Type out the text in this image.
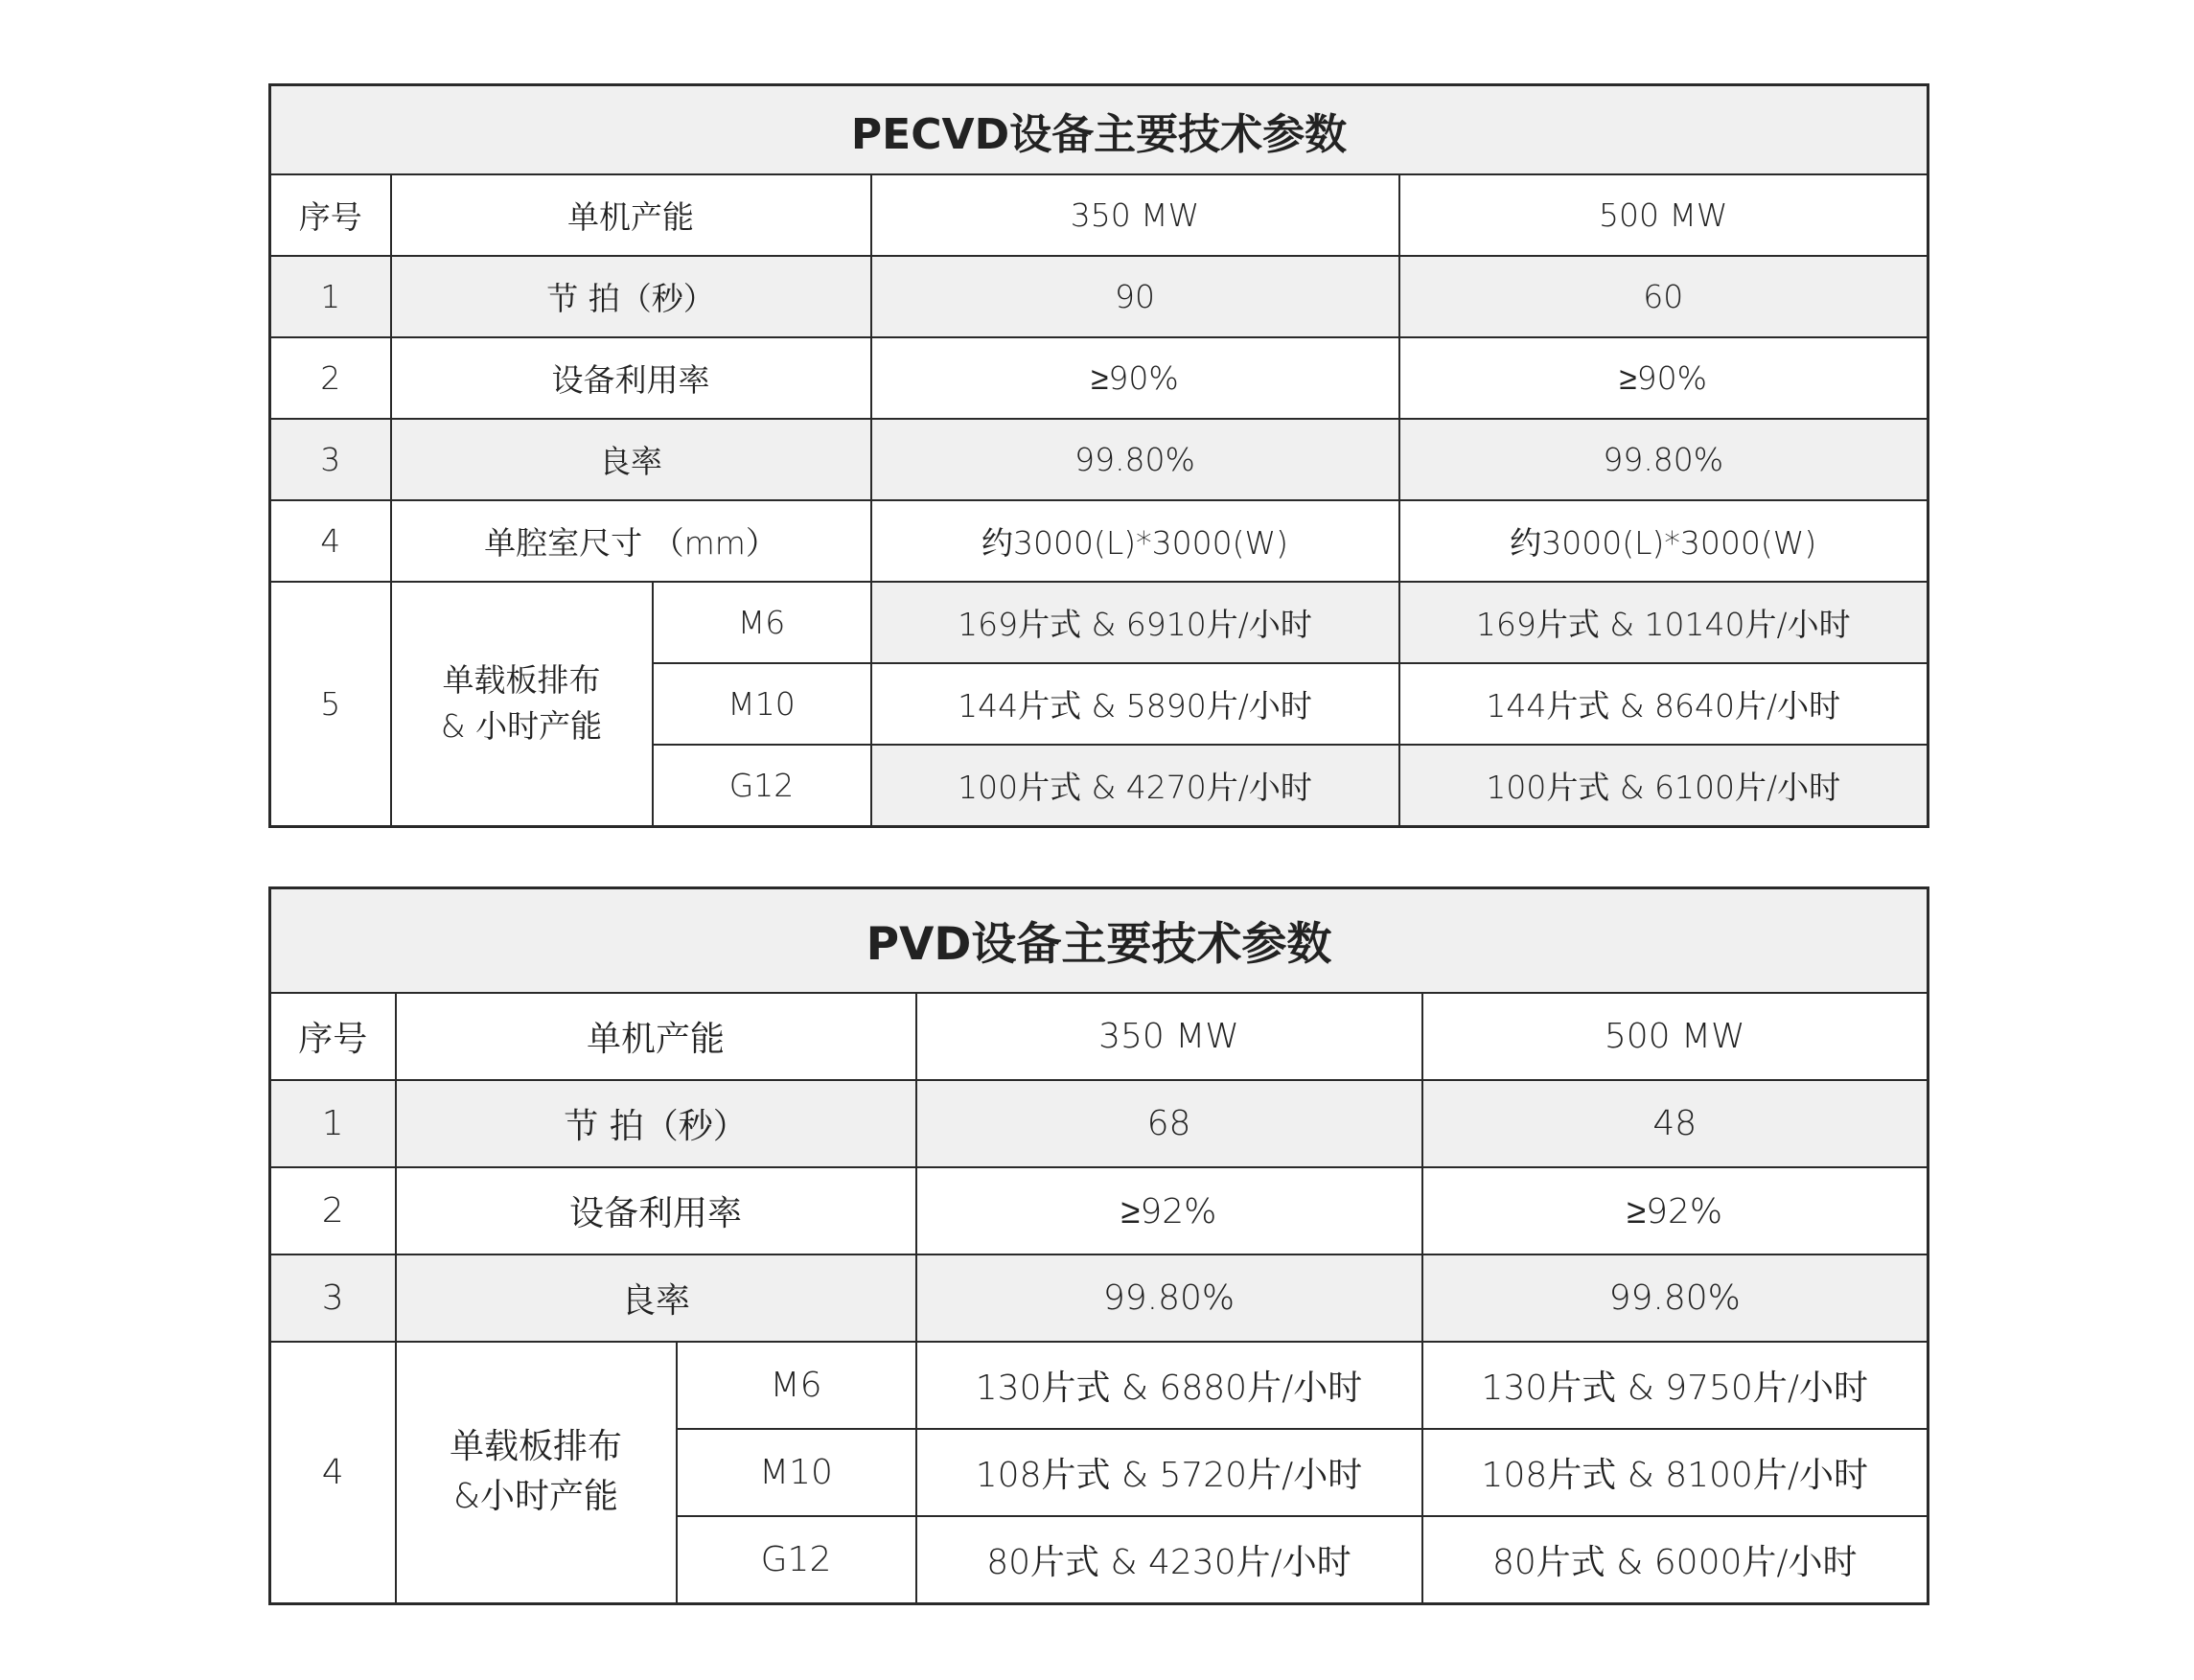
PECVD设备主要技术参数				
序号	单机产能		350 MW	500 MW
1	节 拍（秒）		90	60
2	设备利用率		≥90%	≥90%
3	良率		99.80%	99.80%
4	单腔室尺寸 （mm）		约3000(L)*3000(W)	约3000(L)*3000(W)
5	单载板排布 & 小时产能	M6	169片式 & 6910片/小时	169片式 & 10140片/小时
		M10	144片式 & 5890片/小时	144片式 & 8640片/小时
		G12	100片式 & 4270片/小时	100片式 & 6100片/小时
PVD设备主要技术参数				
序号	单机产能		350 MW	500 MW
1	节 拍（秒）		68	48
2	设备利用率		≥92%	≥92%
3	良率		99.80%	99.80%
4	单载板排布 &小时产能	M6	130片式 & 6880片/小时	130片式 & 9750片/小时
		M10	108片式 & 5720片/小时	108片式 & 8100片/小时
		G12	80片式 & 4230片/小时	80片式 & 6000片/小时
